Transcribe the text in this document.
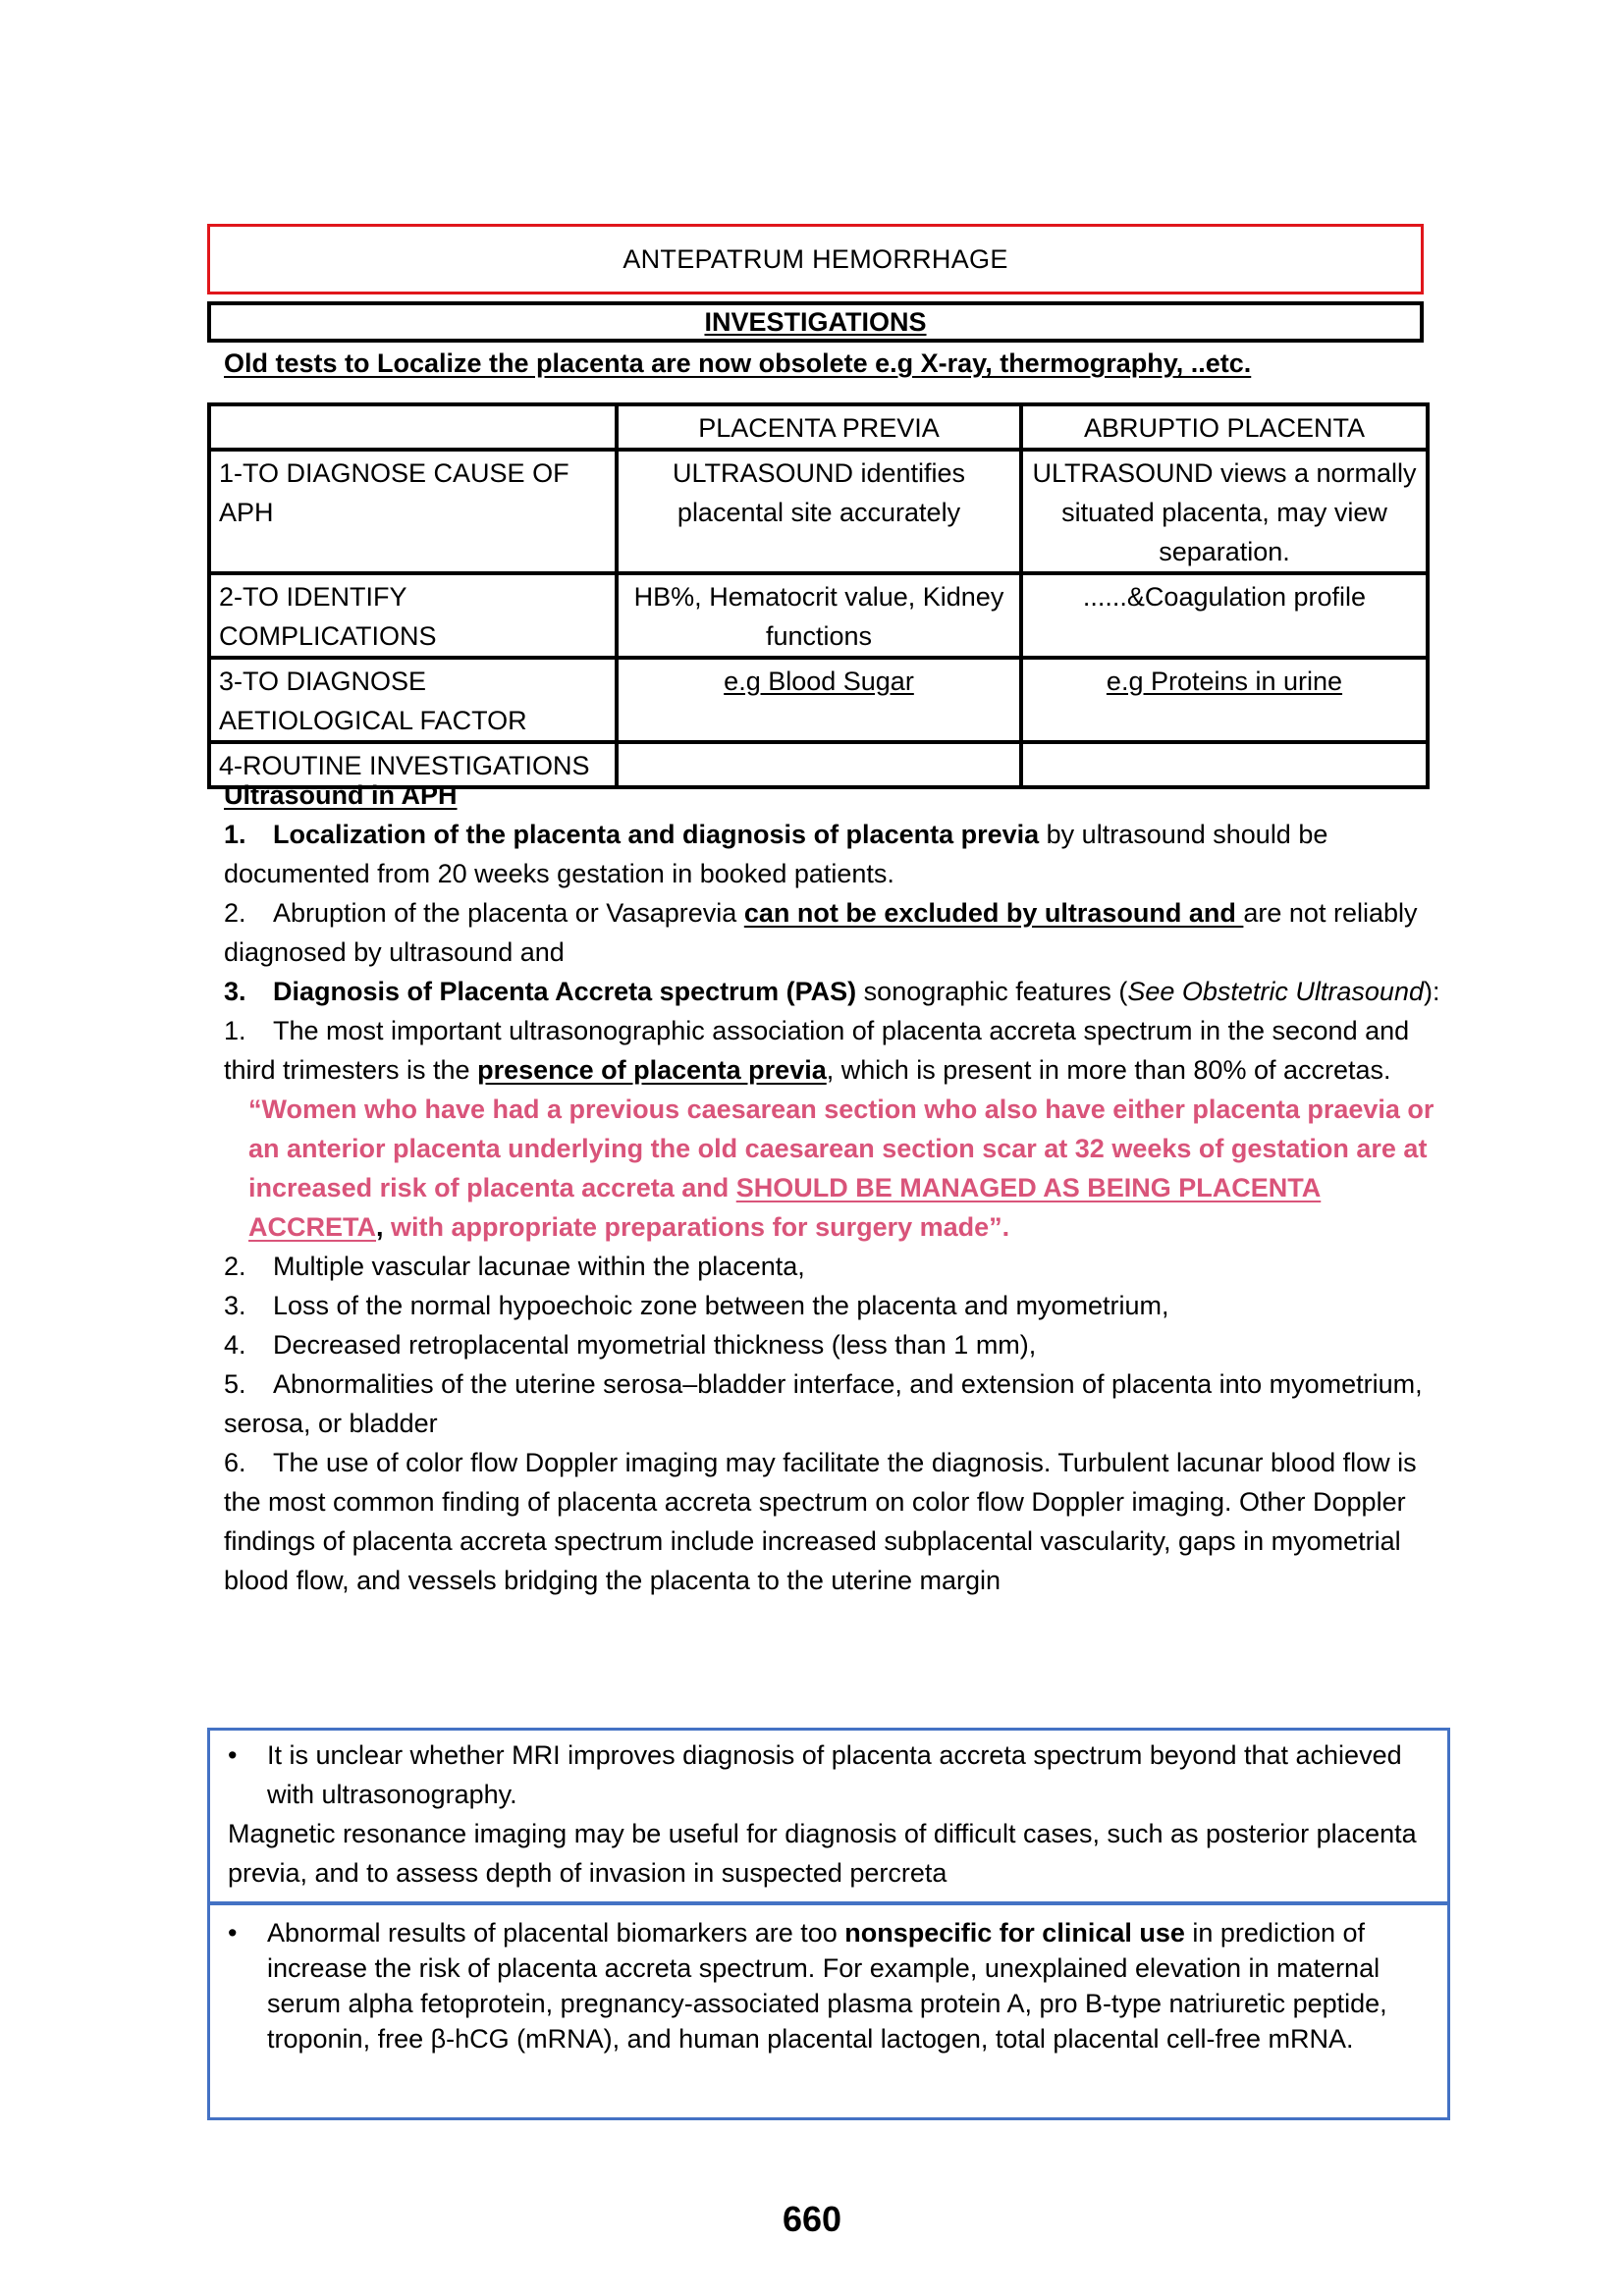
ANTEPATRUM HEMORRHAGE
INVESTIGATIONS
Old tests to Localize the placenta are now obsolete e.g X-ray, thermography, ..etc.
	PLACENTA PREVIA	ABRUPTIO PLACENTA
1-TO DIAGNOSE CAUSE OF APH	ULTRASOUND identifies placental site accurately	ULTRASOUND views a normally situated placenta, may view separation.
2-TO IDENTIFY COMPLICATIONS	HB%, Hematocrit value, Kidney functions	......&Coagulation profile
3-TO DIAGNOSE AETIOLOGICAL FACTOR	e.g Blood Sugar	e.g Proteins in urine
4-ROUTINE INVESTIGATIONS		

Ultrasound in APH

1. Localization of the placenta and diagnosis of placenta previa by ultrasound should be documented from 20 weeks gestation in booked patients.

2. Abruption of the placenta or Vasaprevia can not be excluded by ultrasound and are not reliably diagnosed by ultrasound and

3. Diagnosis of Placenta Accreta spectrum (PAS) sonographic features (See Obstetric Ultrasound):

1. The most important ultrasonographic association of placenta accreta spectrum in the second and third trimesters is the presence of placenta previa, which is present in more than 80% of accretas.

“Women who have had a previous caesarean section who also have either placenta praevia or an anterior placenta underlying the old caesarean section scar at 32 weeks of gestation are at increased risk of placenta accreta and SHOULD BE MANAGED AS BEING PLACENTA ACCRETA, with appropriate preparations for surgery made”.

2. Multiple vascular lacunae within the placenta,

3. Loss of the normal hypoechoic zone between the placenta and myometrium,

4. Decreased retroplacental myometrial thickness (less than 1 mm),

5. Abnormalities of the uterine serosa–bladder interface, and extension of placenta into myometrium, serosa, or bladder

6. The use of color flow Doppler imaging may facilitate the diagnosis. Turbulent lacunar blood flow is the most common finding of placenta accreta spectrum on color flow Doppler imaging. Other Doppler findings of placenta accreta spectrum include increased subplacental vascularity, gaps in myometrial blood flow, and vessels bridging the placenta to the uterine margin

•	It is unclear whether MRI improves diagnosis of placenta accreta spectrum beyond that achieved with ultrasonography.
Magnetic resonance imaging may be useful for diagnosis of difficult cases, such as posterior placenta previa, and to assess depth of invasion in suspected percreta
•	Abnormal results of placental biomarkers are too nonspecific for clinical use in prediction of increase the risk of placenta accreta spectrum. For example, unexplained elevation in maternal serum alpha fetoprotein, pregnancy-associated plasma protein A, pro B-type natriuretic peptide, troponin, free β-hCG (mRNA), and human placental lactogen, total placental cell-free mRNA.
660
